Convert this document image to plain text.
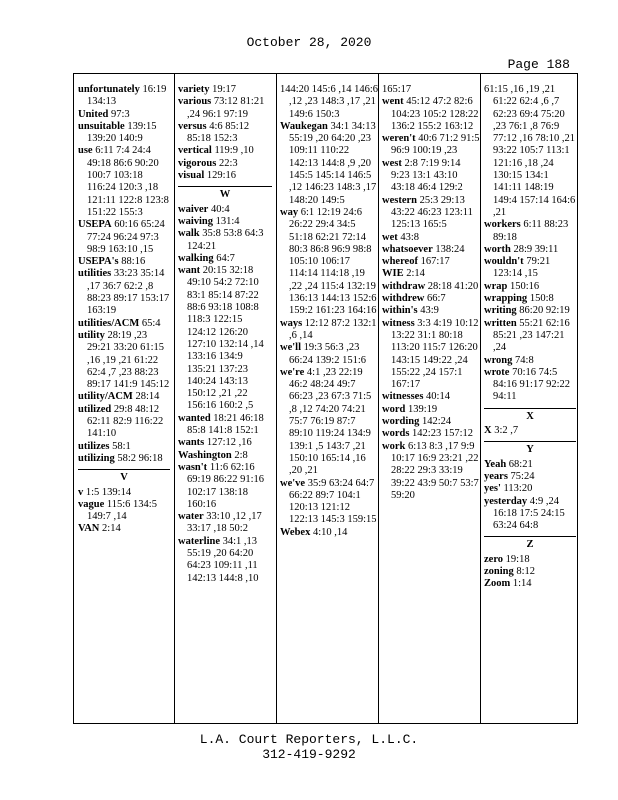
October 28, 2020
Page 188
unfortunately 16:19 134:13
United 97:3
unsuitable 139:15 139:20 140:9
use 6:11 7:4 24:4 49:18 86:6 90:20 100:7 103:18 116:24 120:3 ,18 121:11 122:8 123:8 151:22 155:3
USEPA 60:16 65:24 77:24 96:24 97:3 98:9 163:10 ,15
USEPA's 88:16
utilities 33:23 35:14 ,17 36:7 62:2 ,8 88:23 89:17 153:17 163:19
utilities/ACM 65:4
utility 28:19 ,23 29:21 33:20 61:15 ,16 ,19 ,21 61:22 62:4 ,7 ,23 88:23 89:17 141:9 145:12
utility/ACM 28:14
utilized 29:8 48:12 62:11 82:9 116:22 141:10
utilizes 58:1
utilizing 58:2 96:18
V
v 1:5 139:14
vague 115:6 134:5 149:7 ,14
VAN 2:14
variety 19:17
various 73:12 81:21 ,24 96:1 97:19
versus 4:6 85:12 85:18 152:3
vertical 119:9 ,10
vigorous 22:3
visual 129:16
W
waiver 40:4
waiving 131:4
walk 35:8 53:8 64:3 124:21
walking 64:7
want 20:15 32:18 49:10 54:2 72:10 83:1 85:14 87:22 88:6 93:18 108:8 118:3 122:15 124:12 126:20 127:10 132:14 ,14 133:16 134:9 135:21 137:23 140:24 143:13 150:12 ,21 ,22 156:16 160:2 ,5
wanted 18:21 46:18 85:8 141:8 152:1
wants 127:12 ,16
Washington 2:8
wasn't 11:6 62:16 69:19 86:22 91:16 102:17 138:18 160:16
water 33:10 ,12 ,17 33:17 ,18 50:2
waterline 34:1 ,13 55:19 ,20 64:20 64:23 109:11 ,11 142:13 144:8 ,10
144:20 145:6 ,14 146:6 ,12 ,23 148:3 ,17 ,21 149:6 150:3
Waukegan 34:1 34:13 55:19 ,20 64:20 ,23 109:11 110:22 142:13 144:8 ,9 ,20 145:5 145:14 146:5 ,12 146:23 148:3 ,17 148:20 149:5
way 6:1 12:19 24:6 26:22 29:4 34:5 51:18 62:21 72:14 80:3 86:8 96:9 98:8 105:10 106:17 114:14 114:18 ,19 ,22 ,24 115:4 132:19 136:13 144:13 152:6 159:2 161:23 164:16
ways 12:12 87:2 132:1 ,6 ,14
we'll 19:3 56:3 ,23 66:24 139:2 151:6
we're 4:1 ,23 22:19 46:2 48:24 49:7 66:23 ,23 67:3 71:5 ,8 ,12 74:20 74:21 75:7 76:19 87:7 89:10 119:24 134:9 139:1 ,5 143:7 ,21 150:10 165:14 ,16 ,20 ,21
we've 35:9 63:24 64:7 66:22 89:7 104:1 120:13 121:12 122:13 145:3 159:15
Webex 4:10 ,14
165:17
went 45:12 47:2 82:6 104:23 105:2 128:22 136:2 155:2 163:12
weren't 40:6 71:2 91:5 96:9 100:19 ,23
west 2:8 7:19 9:14 9:23 13:1 43:10 43:18 46:4 129:2
western 25:3 29:13 43:22 46:23 123:11 125:13 165:5
wet 43:8
whatsoever 138:24
whereof 167:17
WIE 2:14
withdraw 28:18 41:20
withdrew 66:7
within's 43:9
witness 3:3 4:19 10:12 13:22 31:1 80:18 113:20 115:7 126:20 143:15 149:22 ,24 155:22 ,24 157:1 167:17
witnesses 40:14
word 139:19
wording 142:24
words 142:23 157:12
work 6:13 8:3 ,17 9:9 10:17 16:9 23:21 ,22 28:22 29:3 33:19 39:22 43:9 50:7 53:7 59:20
61:15 ,16 ,19 ,21 61:22 62:4 ,6 ,7 62:23 69:4 75:20 ,23 76:1 ,8 76:9 77:12 ,16 78:10 ,21 93:22 105:7 113:1 121:16 ,18 ,24 130:15 134:1 141:11 148:19 149:4 157:14 164:6 ,21
workers 6:11 88:23 89:18
worth 28:9 39:11
wouldn't 79:21 123:14 ,15
wrap 150:16
wrapping 150:8
writing 86:20 92:19
written 55:21 62:16 85:21 ,23 147:21 ,24
wrong 74:8
wrote 70:16 74:5 84:16 91:17 92:22 94:11
X
X 3:2 ,7
Y
Yeah 68:21
years 75:24
yes' 113:20
yesterday 4:9 ,24 16:18 17:5 24:15 63:24 64:8
Z
zero 19:18
zoning 8:12
Zoom 1:14
L.A. Court Reporters, L.L.C.
312-419-9292
